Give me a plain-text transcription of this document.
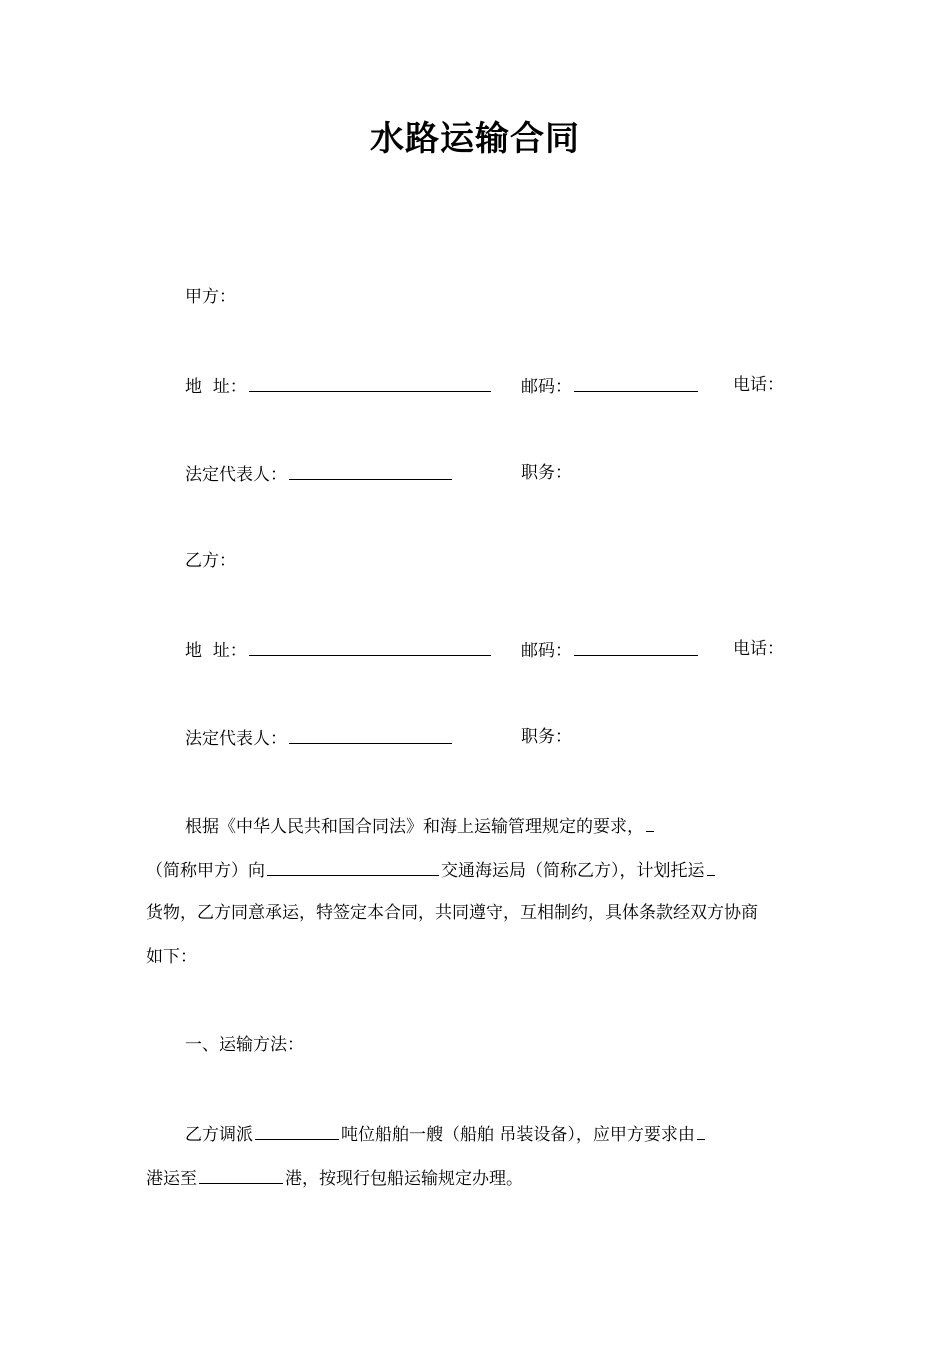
水路运输合同
甲方：
地  址：	邮码：	电话：
法定代表人：	职务：
乙方：
地  址：	邮码：	电话：
法定代表人：	职务：
根据《中华人民共和国合同法》和海上运输管理规定的要求，
（简称甲方）向	交通海运局（简称乙方），计划托运
货物，乙方同意承运，特签定本合同，共同遵守，互相制约，具体条款经双方协商
如下：
一、运输方法：
乙方调派	吨位船舶一艘（船舶 吊装设备），应甲方要求由
港运至	港，按现行包船运输规定办理。
